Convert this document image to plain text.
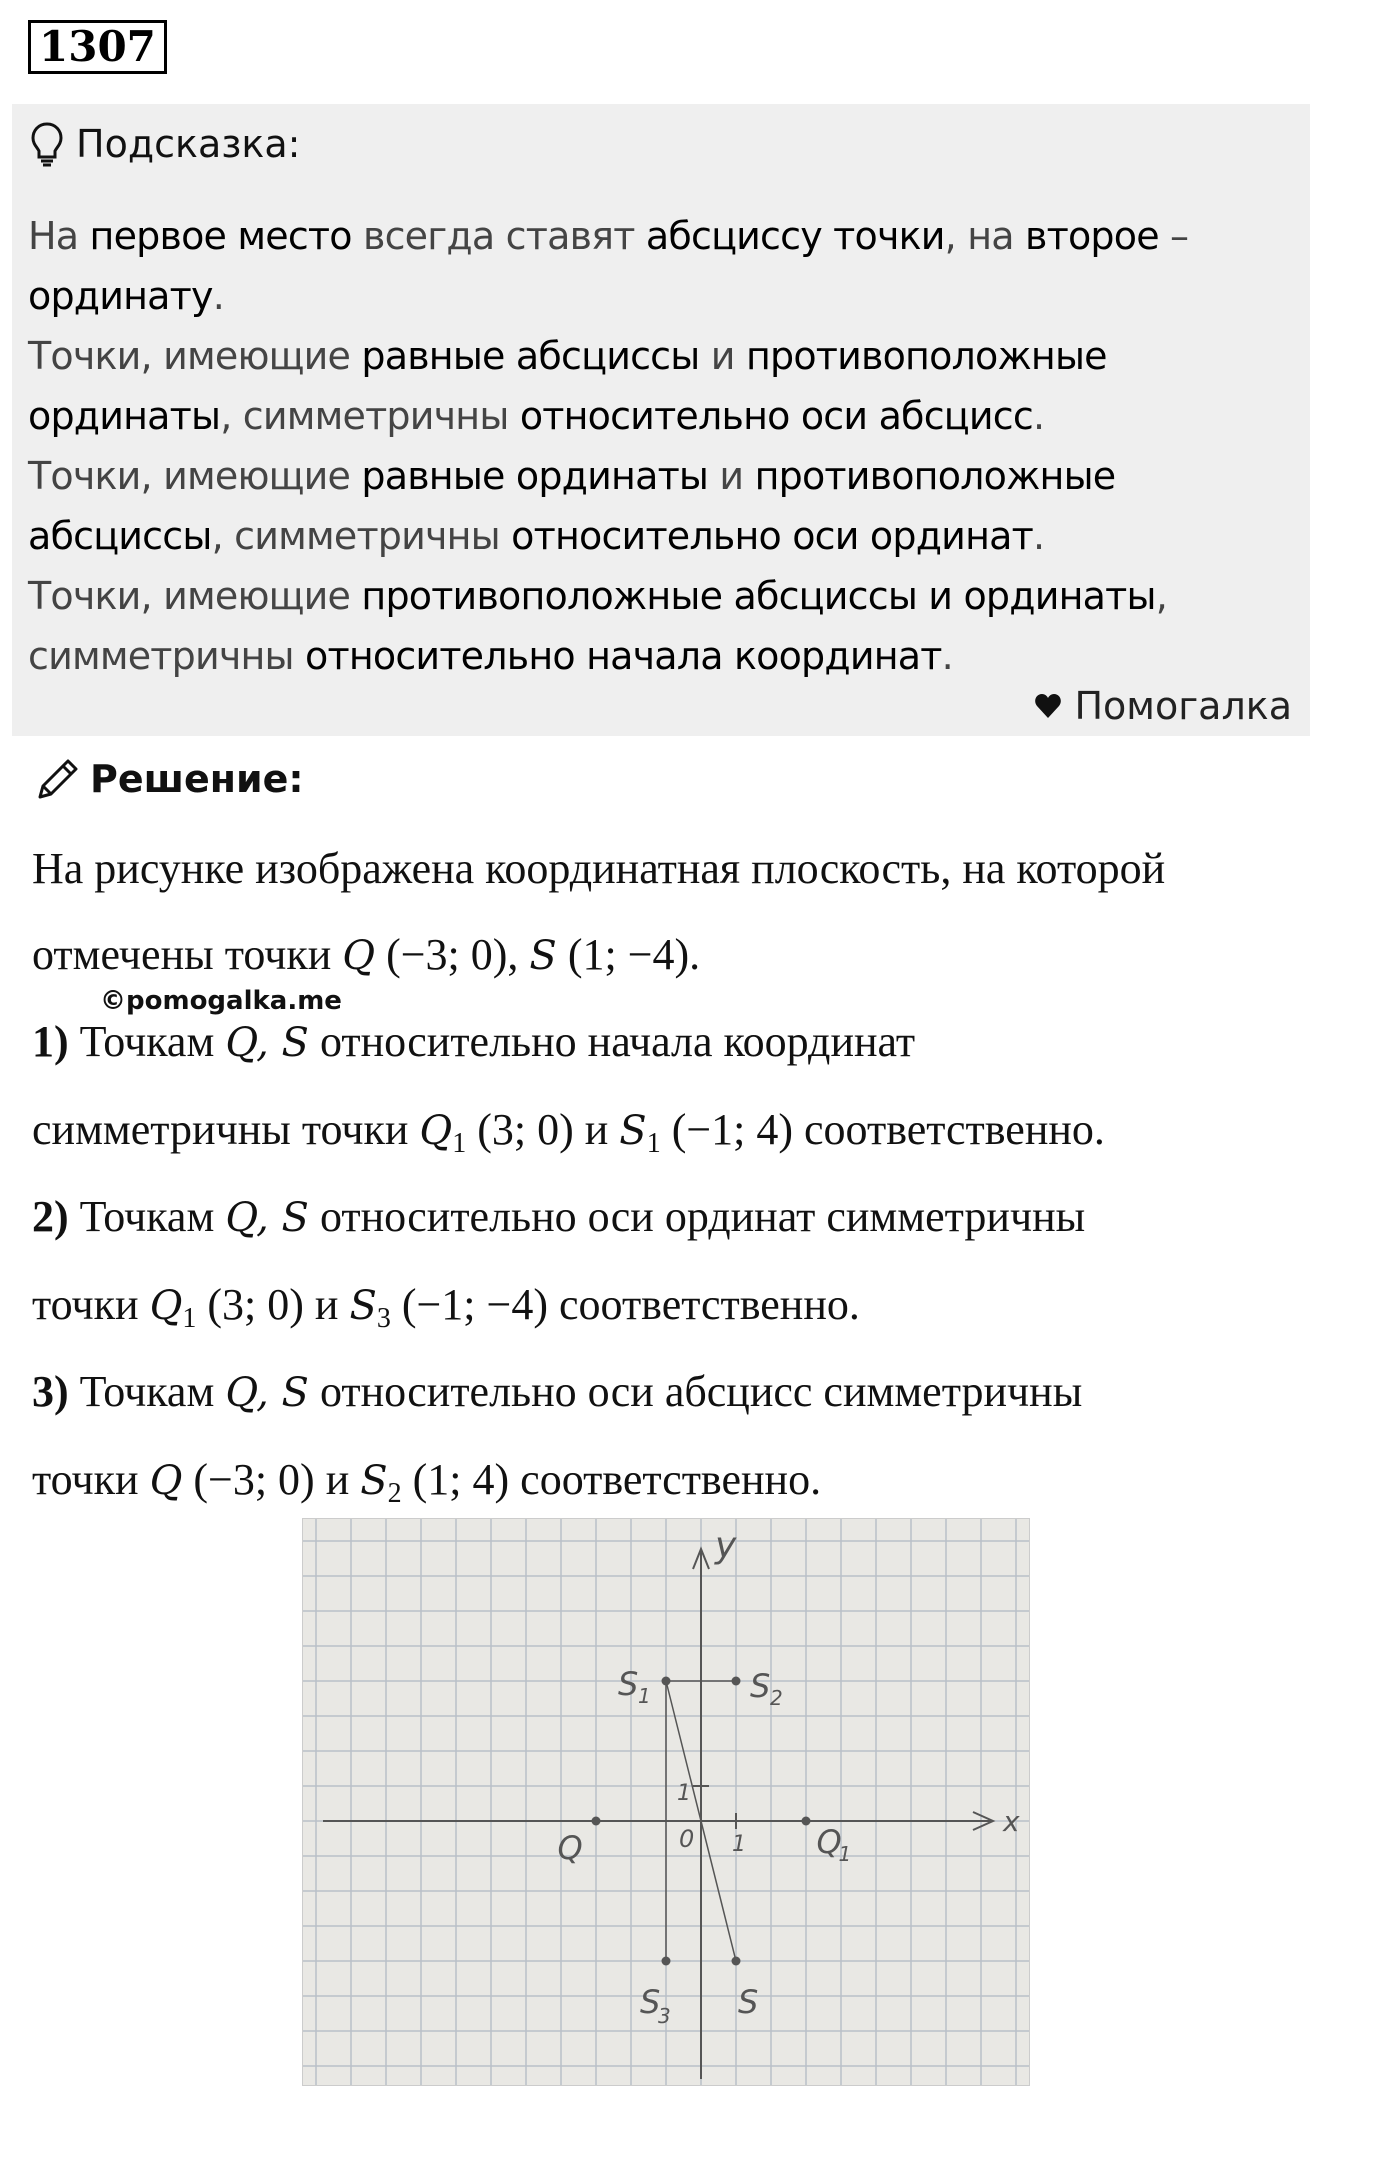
1307
Подсказка:
На первое место всегда ставят абсциссу точки, на второе – ординату.
Точки, имеющие равные абсциссы и противоположные ординаты, симметричны относительно оси абсцисс.
Точки, имеющие равные ординаты и противоположные абсциссы, симметричны относительно оси ординат.
Точки, имеющие противоположные абсциссы и ординаты, симметричны относительно начала координат.
Помогалка
Решение:

На рисунке изображена координатная плоскость, на которой

отмечены точки Q (−3; 0), S (1; −4).

1) Точкам Q, S относительно начала координат

симметричны точки $Q_1$ (3; 0) и $S_1$ (−1; 4) соответственно.

2) Точкам Q, S относительно оси ординат симметричны

точки $Q_1$ (3; 0) и $S_3$ (−1; −4) соответственно.

3) Точкам Q, S относительно оси абсцисс симметричны

точки Q (−3; 0) и $S_2$ (1; 4) соответственно.

©pomogalka.me
y
x
1
1
0
Q	Q
1
S 1	S 2
S
3 S
